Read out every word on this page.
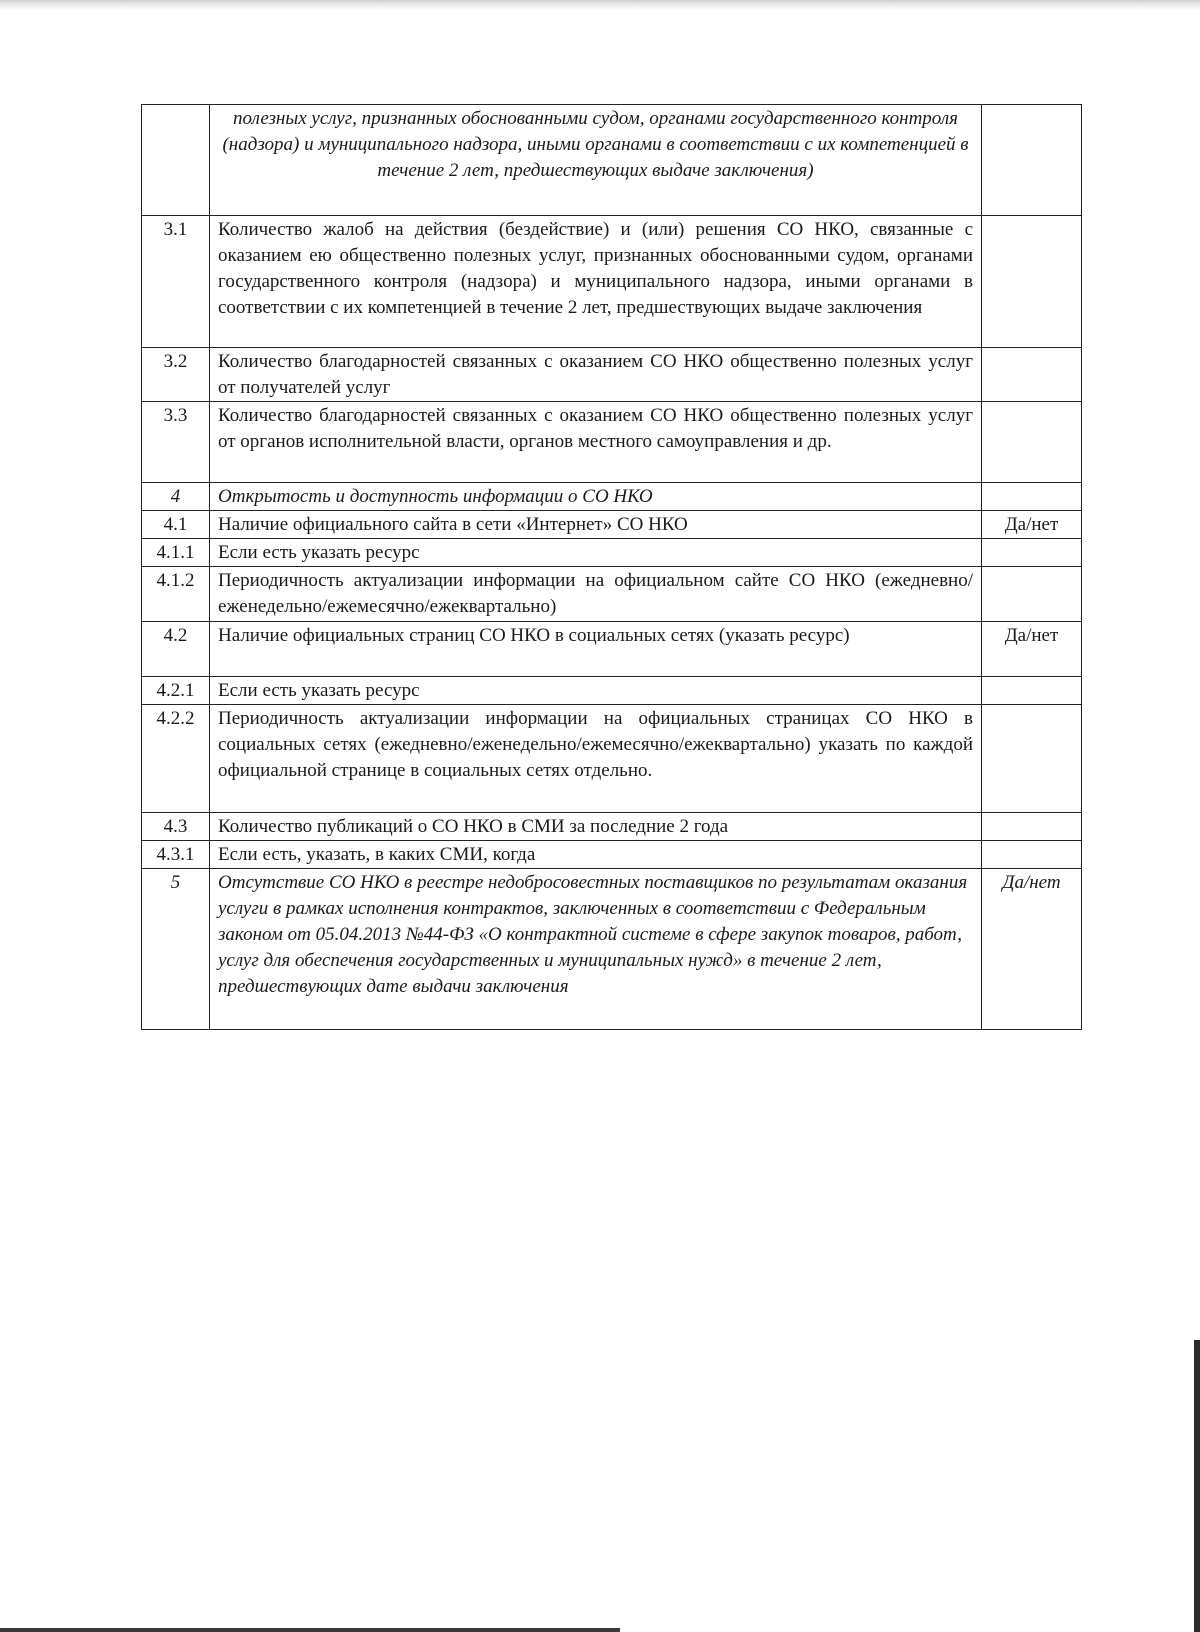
	полезных услуг, признанных обоснованными судом, органами государственного контроля (надзора) и муниципального надзора, иными органами в соответствии с их компетенцией в течение 2 лет, предшествующих выдаче заключения)	
3.1	Количество жалоб на действия (бездействие) и (или) решения СО НКО, связанные с оказанием ею общественно полезных услуг, признанных обоснованными судом, органами государственного контроля (надзора) и муниципального надзора, иными органами в соответствии с их компетенцией в течение 2 лет, предшествующих выдаче заключения	
3.2	Количество благодарностей связанных с оказанием СО НКО общественно полезных услуг от получателей услуг	
3.3	Количество благодарностей связанных с оказанием СО НКО общественно полезных услуг от органов исполнительной власти, органов местного самоуправления и др.	
4	Открытость и доступность информации о СО НКО	
4.1	Наличие официального сайта в сети «Интернет» СО НКО	Да/нет
4.1.1	Если есть указать ресурс	
4.1.2	Периодичность актуализации информации на официальном сайте СО НКО (ежедневно/еженедельно/ежемесячно/ежеквартально)	
4.2	Наличие официальных страниц СО НКО в социальных сетях (указать ресурс)	Да/нет
4.2.1	Если есть указать ресурс	
4.2.2	Периодичность актуализации информации на официальных страницах СО НКО в социальных сетях (ежедневно/еженедельно/ежемесячно/ежеквартально) указать по каждой официальной странице в социальных сетях отдельно.	
4.3	Количество публикаций о СО НКО в СМИ за последние 2 года	
4.3.1	Если есть, указать, в каких СМИ, когда	
5	Отсутствие СО НКО в реестре недобросовестных поставщиков по результатам оказания услуги в рамках исполнения контрактов, заключенных в соответствии с Федеральным законом от 05.04.2013 №44-ФЗ «О контрактной системе в сфере закупок товаров, работ, услуг для обеспечения государственных и муниципальных нужд» в течение 2 лет, предшествующих дате выдачи заключения	Да/нет
